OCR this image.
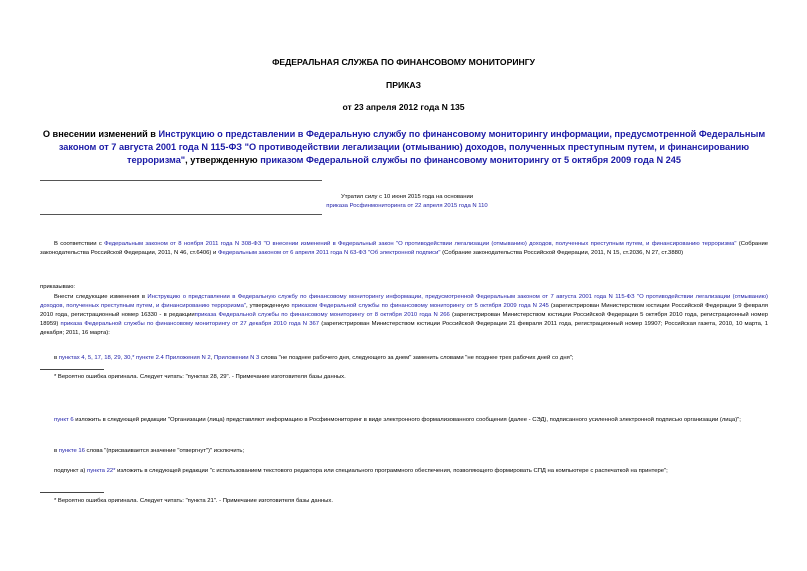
ФЕДЕРАЛЬНАЯ СЛУЖБА ПО ФИНАНСОВОМУ МОНИТОРИНГУ
ПРИКАЗ
от 23 апреля 2012 года N 135
О внесении изменений в Инструкцию о представлении в Федеральную службу по финансовому мониторингу информации, предусмотренной Федеральным законом от 7 августа 2001 года N 115-ФЗ "О противодействии легализации (отмыванию) доходов, полученных преступным путем, и финансированию терроризма", утвержденную приказом Федеральной службы по финансовому мониторингу от 5 октября 2009 года N 245
Утратил силу с 10 июня 2015 года на основании
приказа Росфинмониторинга от 22 апреля 2015 года N 110
В соответствии с Федеральным законом от 8 ноября 2011 года N 308-ФЗ "О внесении изменений в Федеральный закон "О противодействии легализации (отмыванию) доходов, полученных преступным путем, и финансированию терроризма" (Собрание законодательства Российской Федерации, 2011, N 46, ст.6406) и Федеральным законом от 6 апреля 2011 года N 63-ФЗ "Об электронной подписи" (Собрание законодательства Российской Федерации, 2011, N 15, ст.2036, N 27, ст.3880)
приказываю:
Внести следующие изменения в Инструкцию о представлении в Федеральную службу по финансовому мониторингу информации, предусмотренной Федеральным законом от 7 августа 2001 года N 115-ФЗ "О противодействии легализации (отмыванию) доходов, полученных преступным путем, и финансированию терроризма", утвержденную приказом Федеральной службы по финансовому мониторингу от 5 октября 2009 года N 245 (зарегистрирован Министерством юстиции Российской Федерации 9 февраля 2010 года, регистрационный номер 16330 - в редакцииприказа Федеральной службы по финансовому мониторингу от 8 октября 2010 года N 266 (зарегистрирован Министерством юстиции Российской Федерации 5 октября 2010 года, регистрационный номер 18959) приказа Федеральной службы по финансовому мониторингу от 27 декабря 2010 года N 367 (зарегистрирован Министерством юстиции Российской Федерации 21 февраля 2011 года, регистрационный номер 19907; Российская газета, 2010, 10 марта, 1 декабря; 2011, 16 марта):
в пунктах 4, 5, 17, 18, 29, 30,* пункте 2.4 Приложения N 2, Приложении N 3 слова "не позднее рабочего дня, следующего за днем" заменить словами "не позднее трех рабочих дней со дня";
* Вероятно ошибка оригинала. Следует читать: "пунктах 28, 29". - Примечание изготовителя базы данных.
пункт 6 изложить в следующей редакции "Организации (лица) представляют информацию в Росфинмониторинг в виде электронного формализованного сообщения (далее - СЭД), подписанного усиленной электронной подписью организации (лица)";
в пункте 16 слова "(присваивается значение "отвергнут")" исключить;
подпункт а) пункта 22* изложить в следующей редакции "с использованием текстового редактора или специального программного обеспечения, позволяющего формировать СПД на компьютере с распечаткой на принтере";
* Вероятно ошибка оригинала. Следует читать: "пункта 21". - Примечание изготовителя базы данных.
